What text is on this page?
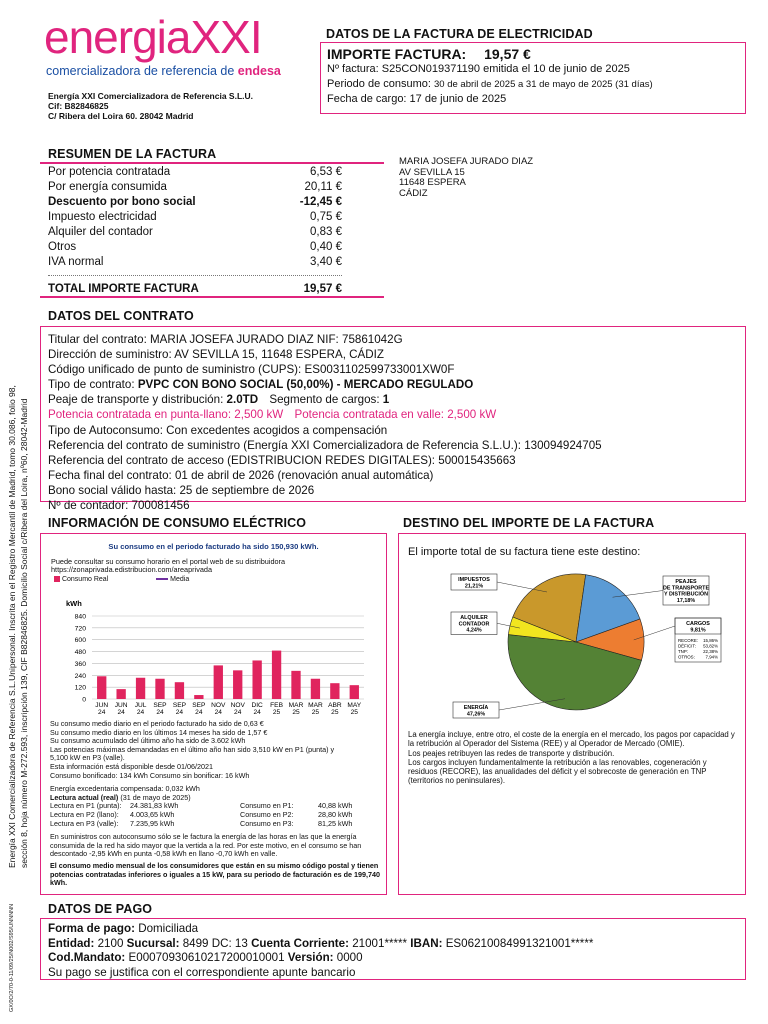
Energía XXI Comercializadora de Referencia S.L.Unipersonal. Inscrita en el Registro Mercantil de Madrid, tomo 30.086, folio 98, sección 8, hoja número M-272.593, inscripción 139, CIF B82846825. Domicilio Social c/Ribera del Loira, nº60, 28042-Madrid
GX/0O/2/70-0-11/09/25/N002/S95/UNNNNN
energiaXXI
comercializadora de referencia de endesa
Energía XXI Comercializadora de Referencia S.L.U.
Cif: B82846825
C/ Ribera del Loira 60. 28042 Madrid
DATOS DE LA FACTURA DE ELECTRICIDAD
IMPORTE FACTURA: 19,57 €
Nº factura: S25CON019371190 emitida el 10 de junio de 2025
Periodo de consumo: 30 de abril de 2025 a 31 de mayo de 2025 (31 días)
Fecha de cargo: 17 de junio de 2025
MARIA JOSEFA JURADO DIAZ
AV SEVILLA 15
11648 ESPERA
CÁDIZ
RESUMEN DE LA FACTURA
Por potencia contratada	6,53 €
Por energía consumida	20,11 €
Descuento por bono social	-12,45 €
Impuesto electricidad	0,75 €
Alquiler del contador	0,83 €
Otros	0,40 €
IVA normal	3,40 €
TOTAL IMPORTE FACTURA	19,57 €
DATOS DEL CONTRATO
Titular del contrato: MARIA JOSEFA JURADO DIAZ NIF: 75861042G
Dirección de suministro: AV SEVILLA 15, 11648 ESPERA, CÁDIZ
Código unificado de punto de suministro (CUPS): ES0031102599733001XW0F
Tipo de contrato: PVPC CON BONO SOCIAL (50,00%) - MERCADO REGULADO
Peaje de transporte y distribución: 2.0TD Segmento de cargos: 1
Potencia contratada en punta-llano: 2,500 kW Potencia contratada en valle: 2,500 kW
Tipo de Autoconsumo: Con excedentes acogidos a compensación
Referencia del contrato de suministro (Energía XXI Comercializadora de Referencia S.L.U.): 130094924705
Referencia del contrato de acceso (EDISTRIBUCION REDES DIGITALES): 500015435663
Fecha final del contrato: 01 de abril de 2026 (renovación anual automática)
Bono social válido hasta: 25 de septiembre de 2026
Nº de contador: 700081456
INFORMACIÓN DE CONSUMO ELÉCTRICO
Su consumo en el periodo facturado ha sido 150,930 kWh.
Puede consultar su consumo horario en el portal web de su distribuidora
https://zonaprivada.edistribucion.com/areaprivada
Consumo Real	Media
kWh
0
120
240
360
480
600
720
840
JUN
24
JUN
24
JUL
24
SEP
24
SEP
24
SEP
24
NOV
24
NOV
24
DIC
24
FEB
25
MAR
25
MAR
25
ABR
25
MAY
25
Su consumo medio diario en el periodo facturado ha sido de 0,63 €
Su consumo medio diario en los últimos 14 meses ha sido de 1,57 €
Su consumo acumulado del último año ha sido de 3.602 kWh
Las potencias máximas demandadas en el último año han sido 3,510 kW en P1 (punta) y
5,100 kW en P3 (valle).
Esta información está disponible desde 01/06/2021
Consumo bonificado: 134 kWh Consumo sin bonificar: 16 kWh
Energía excedentaria compensada: 0,032 kWh
Lectura actual (real) (31 de mayo de 2025)
Lectura en P1 (punta):	24.381,83 kWh	Consumo en P1:	40,88 kWh
Lectura en P2 (llano):	4.003,65 kWh	Consumo en P2:	28,80 kWh
Lectura en P3 (valle):	7.235,95 kWh	Consumo en P3:	81,25 kWh
En suministros con autoconsumo sólo se le factura la energía de las horas en las que la energía consumida de la red ha sido mayor que la vertida a la red. Por este motivo, en el consumo se han descontado -2,95 kWh en punta -0,58 kWh en llano -0,70 kWh en valle.
El consumo medio mensual de los consumidores que están en su mismo código postal y tienen potencias contratadas inferiores o iguales a 15 kW, para su periodo de facturación es de 199,740 kWh.
DESTINO DEL IMPORTE DE LA FACTURA
El importe total de su factura tiene este destino:
IMPUESTOS
21,21%
PEAJES
DE TRANSPORTE
Y DISTRIBUCIÓN
17,18%
CARGOS
9,81%
RECORE: 15,86%
DÉFICIT: 53,82%
TNP:	22,38%
OTROS: 7,94%
ENERGÍA
47,26%
ALQUILER
CONTADOR
4,24%
La energía incluye, entre otro, el coste de la energía en el mercado, los pagos por capacidad y la retribución al Operador del Sistema (REE) y al Operador de Mercado (OMIE).
Los peajes retribuyen las redes de transporte y distribución.
Los cargos incluyen fundamentalmente la retribución a las renovables, cogeneración y residuos (RECORE), las anualidades del déficit y el sobrecoste de generación en TNP (territorios no peninsulares).
DATOS DE PAGO
Forma de pago: Domiciliada
Entidad: 2100 Sucursal: 8499 DC: 13 Cuenta Corriente: 21001***** IBAN: ES06210084991321001*****
Cod.Mandato: E00070930610217200010001 Versión: 0000
Su pago se justifica con el correspondiente apunte bancario
